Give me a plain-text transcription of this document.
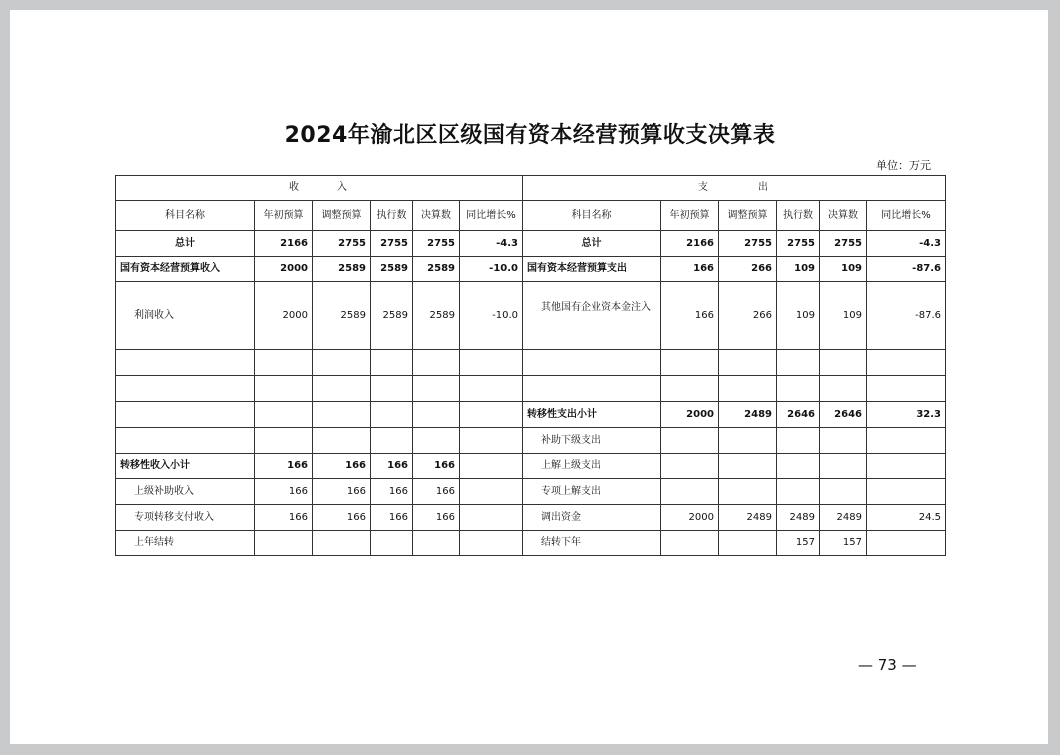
2024年渝北区区级国有资本经营预算收支决算表
单位：万元
收　　　入						支　　　　出					
科目名称	年初预算	调整预算	执行数	决算数	同比增长%	科目名称	年初预算	调整预算	执行数	决算数	同比增长%
总计	2166	2755	2755	2755	-4.3	总计	2166	2755	2755	2755	-4.3
国有资本经营预算收入	2000	2589	2589	2589	-10.0	国有资本经营预算支出	166	266	109	109	-87.6
利润收入	2000	2589	2589	2589	-10.0	其他国有企业资本金注入	166	266	109	109	-87.6

						转移性支出小计	2000	2489	2646	2646	32.3
						补助下级支出					
转移性收入小计	166	166	166	166		上解上级支出					
上级补助收入	166	166	166	166		专项上解支出					
专项转移支付收入	166	166	166	166		调出资金	2000	2489	2489	2489	24.5
上年结转						结转下年			157	157	
— 73 —
